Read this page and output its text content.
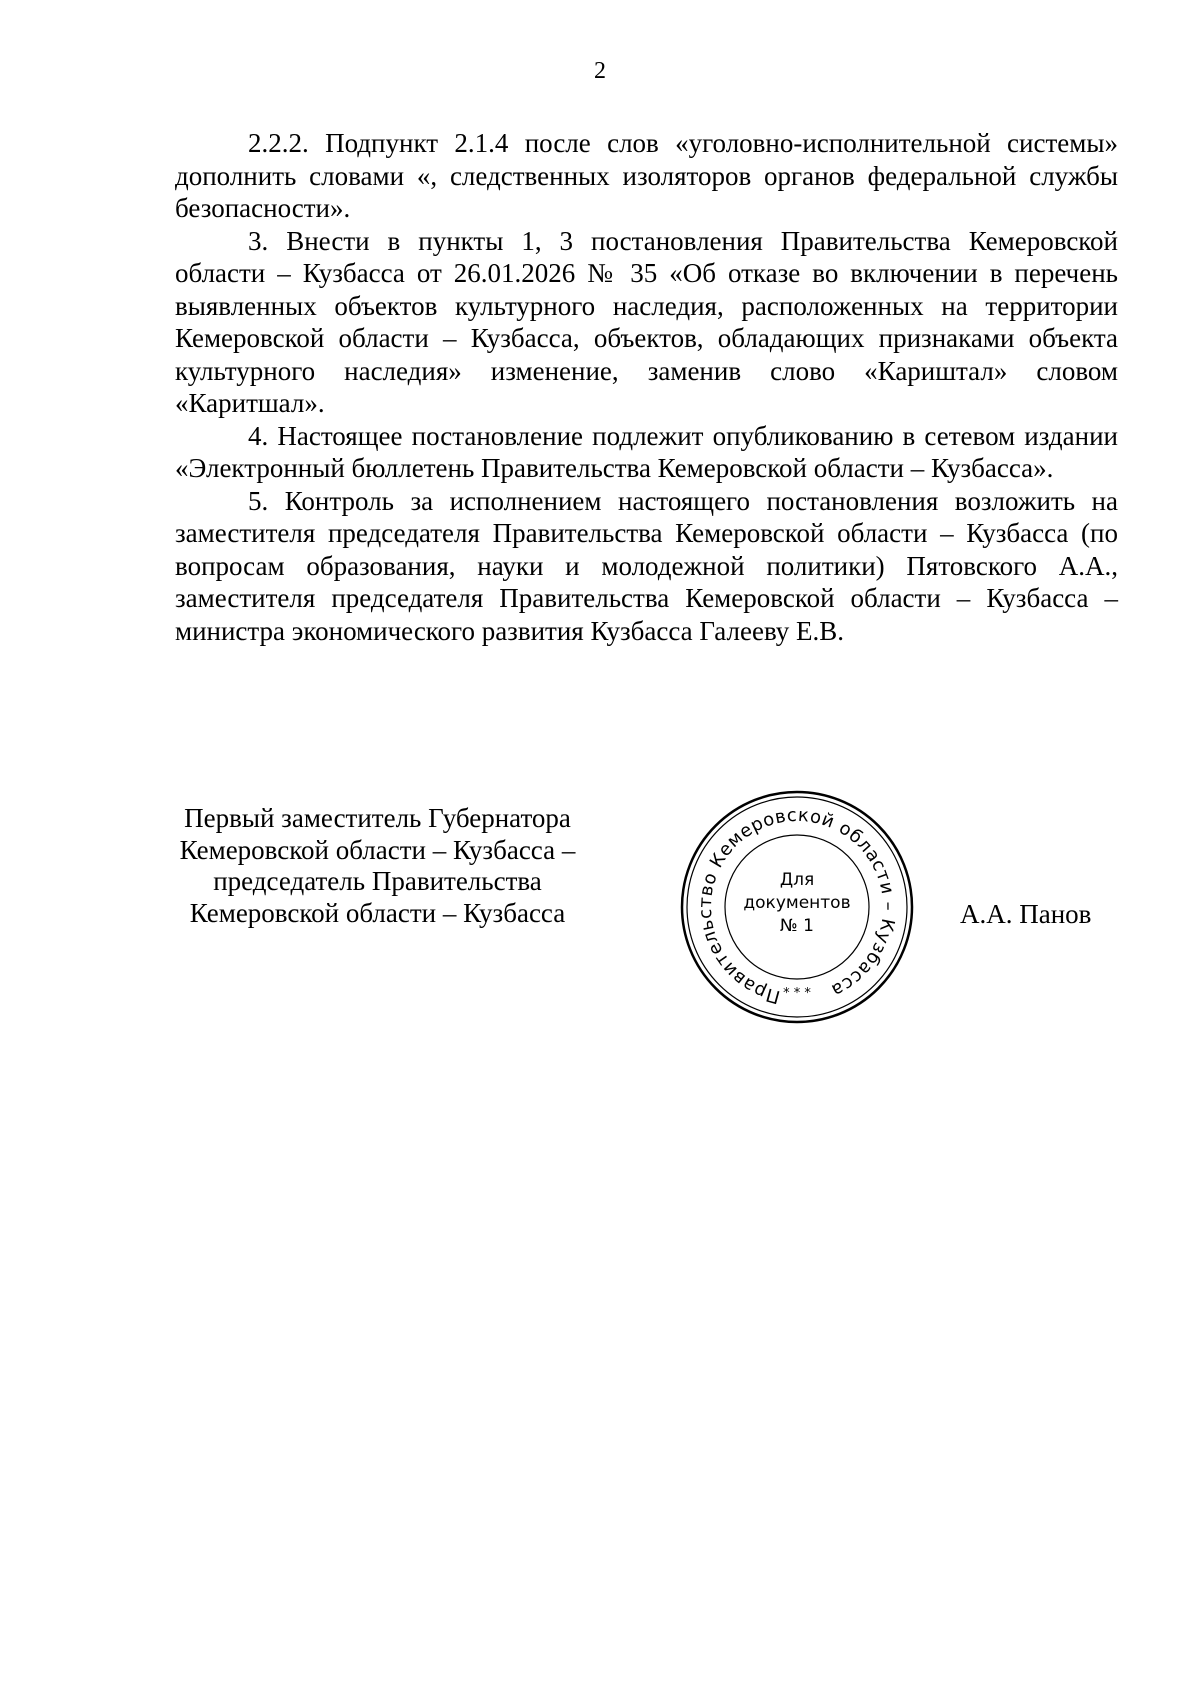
2

2.2.2. Подпункт 2.1.4 после слов «уголовно-исполнительной системы» дополнить словами «, следственных изоляторов органов федеральной службы безопасности».

3. Внести в пункты 1, 3 постановления Правительства Кемеровской области – Кузбасса от 26.01.2026 № 35 «Об отказе во включении в перечень выявленных объектов культурного наследия, расположенных на территории Кемеровской области – Кузбасса, объектов, обладающих признаками объекта культурного наследия» изменение, заменив слово «Кариштал» словом «Каритшал».

4. Настоящее постановление подлежит опубликованию в сетевом издании «Электронный бюллетень Правительства Кемеровской области – Кузбасса».

5. Контроль за исполнением настоящего постановления возложить на заместителя председателя Правительства Кемеровской области – Кузбасса (по вопросам образования, науки и молодежной политики) Пятовского А.А., заместителя председателя Правительства Кемеровской области – Кузбасса – министра экономического развития Кузбасса Галееву Е.В.

Первый заместитель Губернатора
Кемеровской области – Кузбасса –
председатель Правительства
Кемеровской области – Кузбасса
Правительство Кемеровской области – Кузбасса
Для
документов
№ 1
* * *
А.А. Панов
